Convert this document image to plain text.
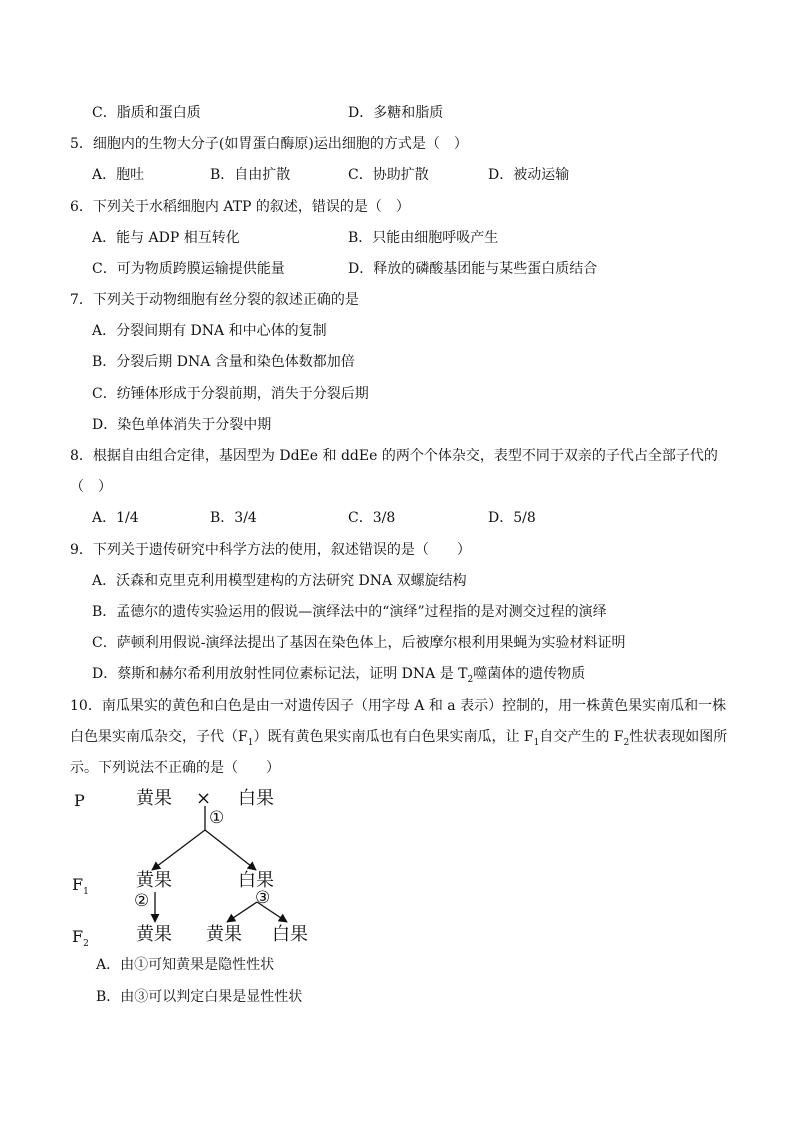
C．脂质和蛋白质	D．多糖和脂质
5．细胞内的生物大分子(如胃蛋白酶原)运出细胞的方式是（　）
A．胞吐	B．自由扩散	C．协助扩散	D．被动运输
6．下列关于水稻细胞内 ATP 的叙述，错误的是（　）
A．能与 ADP 相互转化	B．只能由细胞呼吸产生
C．可为物质跨膜运输提供能量	D．释放的磷酸基团能与某些蛋白质结合
7．下列关于动物细胞有丝分裂的叙述正确的是
A．分裂间期有 DNA 和中心体的复制
B．分裂后期 DNA 含量和染色体数都加倍
C．纺锤体形成于分裂前期，消失于分裂后期
D．染色单体消失于分裂中期
8．根据自由组合定律，基因型为 DdEe 和 ddEe 的两个个体杂交，表型不同于双亲的子代占全部子代的
（　）
A．1/4	B．3/4	C．3/8	D．5/8
9．下列关于遗传研究中科学方法的使用，叙述错误的是（　　）
A．沃森和克里克利用模型建构的方法研究 DNA 双螺旋结构
B．孟德尔的遗传实验运用的假说—演绎法中的“演绎”过程指的是对测交过程的演绎
C．萨顿利用假说-演绎法提出了基因在染色体上，后被摩尔根利用果蝇为实验材料证明
D．蔡斯和赫尔希利用放射性同位素标记法，证明 DNA 是 $T_2$噬菌体的遗传物质
10．南瓜果实的黄色和白色是由一对遗传因子（用字母 A 和 a 表示）控制的，用一株黄色果实南瓜和一株
白色果实南瓜杂交，子代$(F_1)$既有黄色果实南瓜也有白色果实南瓜，让 $F_1$自交产生的 $F_2$性状表现如图所
示。下列说法不正确的是（　　）
P
$F_1$
$F_2$
黄果 × 白果
①
黄果	白果
②	③
黄果 黄果 白果
A．由①可知黄果是隐性性状
B．由③可以判定白果是显性性状
